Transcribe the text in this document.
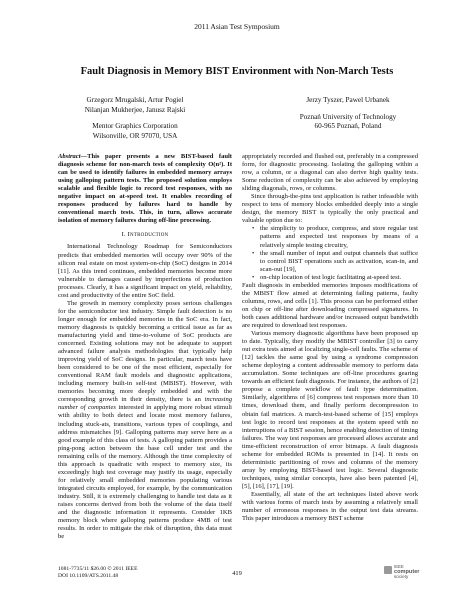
2011 Asian Test Symposium
Fault Diagnosis in Memory BIST Environment with Non-March Tests
Grzegorz Mrugalski, Artur Pogiel
Nilanjan Mukherjee, Janusz Rajski
Mentor Graphics Corporation
Wilsonville, OR 97070, USA
Jerzy Tyszer, Pawel Urbanek
Poznań University of Technology
60-965 Poznań, Poland

Abstract—This paper presents a new BIST-based fault diagnosis scheme for non-march tests of complexity O(n²). It can be used to identify failures in embedded memory arrays using galloping pattern tests. The proposed solution employs scalable and flexible logic to record test responses, with no negative impact on at-speed test. It enables recording of responses produced by failures hard to handle by conventional march tests. This, in turn, allows accurate isolation of memory failures during off-line processing.

I. Introduction

International Technology Roadmap for Semiconductors predicts that embedded memories will occupy over 90% of the silicon real estate on most system-on-chip (SoC) designs in 2014 [11]. As this trend continues, embedded memories become more vulnerable to damages caused by imperfections of production processes. Clearly, it has a significant impact on yield, reliability, cost and productivity of the entire SoC field.

The growth in memory complexity poses serious challenges for the semiconductor test industry. Simple fault detection is no longer enough for embedded memories in the SoC era. In fact, memory diagnosis is quickly becoming a critical issue as far as manufacturing yield and time-to-volume of SoC products are concerned. Existing solutions may not be adequate to support advanced failure analysis methodologies that typically help improving yield of SoC designs. In particular, march tests have been considered to be one of the most efficient, especially for conventional RAM fault models and diagnostic applications, including memory built-in self-test (MBIST). However, with memories becoming more deeply embedded and with the corresponding growth in their density, there is an increasing number of companies interested in applying more robust stimuli with ability to both detect and locate most memory failures, including stuck-ats, transitions, various types of couplings, and address mismatches [9]. Galloping patterns may serve here as a good example of this class of tests. A galloping pattern provides a ping-pong action between the base cell under test and the remaining cells of the memory. Although the time complexity of this approach is quadratic with respect to memory size, its exceedingly high test coverage may justify its usage, especially for relatively small embedded memories populating various integrated circuits employed, for example, by the communication industry. Still, it is extremely challenging to handle test data as it raises concerns derived from both the volume of the data itself and the diagnostic information it represents. Consider 1KB memory block where galloping patterns produce 4MB of test results. In order to mitigate the risk of disruption, this data must be

appropriately recorded and flushed out, preferably in a compressed form, for diagnostic processing. Isolating the galloping within a row, a column, or a diagonal can also derive high quality tests. Some reduction of complexity can be also achieved by employing sliding diagonals, rows, or columns.

Since through-the-pins test application is rather infeasible with respect to tens of memory blocks embedded deeply into a single design, the memory BIST is typically the only practical and valuable option due to:

• the simplicity to produce, compress, and store regular test patterns and expected test responses by means of a relatively simple testing circuitry,
• the small number of input and output channels that suffice to control BIST operations such as activation, scan-in, and scan-out [19],
• on-chip location of test logic facilitating at-speed test.

Fault diagnosis in embedded memories imposes modifications of the MBIST flow aimed at determining failing patterns, faulty columns, rows, and cells [1]. This process can be performed either on chip or off-line after downloading compressed signatures. In both cases additional hardware and/or increased output bandwidth are required to download test responses.

Various memory diagnostic algorithms have been proposed up to date. Typically, they modify the MBIST controller [3] to carry out extra tests aimed at localizing single-cell faults. The scheme of [12] tackles the same goal by using a syndrome compression scheme deploying a content addressable memory to perform data accumulation. Some techniques are off-line procedures gearing towards an efficient fault diagnosis. For instance, the authors of [2] propose a complete workflow of fault type determination. Similarly, algorithms of [6] compress test responses more than 10 times, download them, and finally perform decompression to obtain fail matrices. A march-test-based scheme of [15] employs test logic to record test responses at the system speed with no interruptions of a BIST session, hence enabling detection of timing failures. The way test responses are processed allows accurate and time-efficient reconstruction of error bitmaps. A fault diagnosis scheme for embedded ROMs is presented in [14]. It rests on deterministic partitioning of rows and columns of the memory array by employing BIST-based test logic. Several diagnostic techniques, using similar concepts, have also been patented [4], [5], [16], [17], [19].

Essentially, all state of the art techniques listed above work with various forms of march tests by assuming a relatively small number of erroneous responses in the output test data streams. This paper introduces a memory BIST scheme

1081-7735/11 $26.00 © 2011 IEEE
DOI 10.1109/ATS.2011.48	419
IEEE
computer
society
